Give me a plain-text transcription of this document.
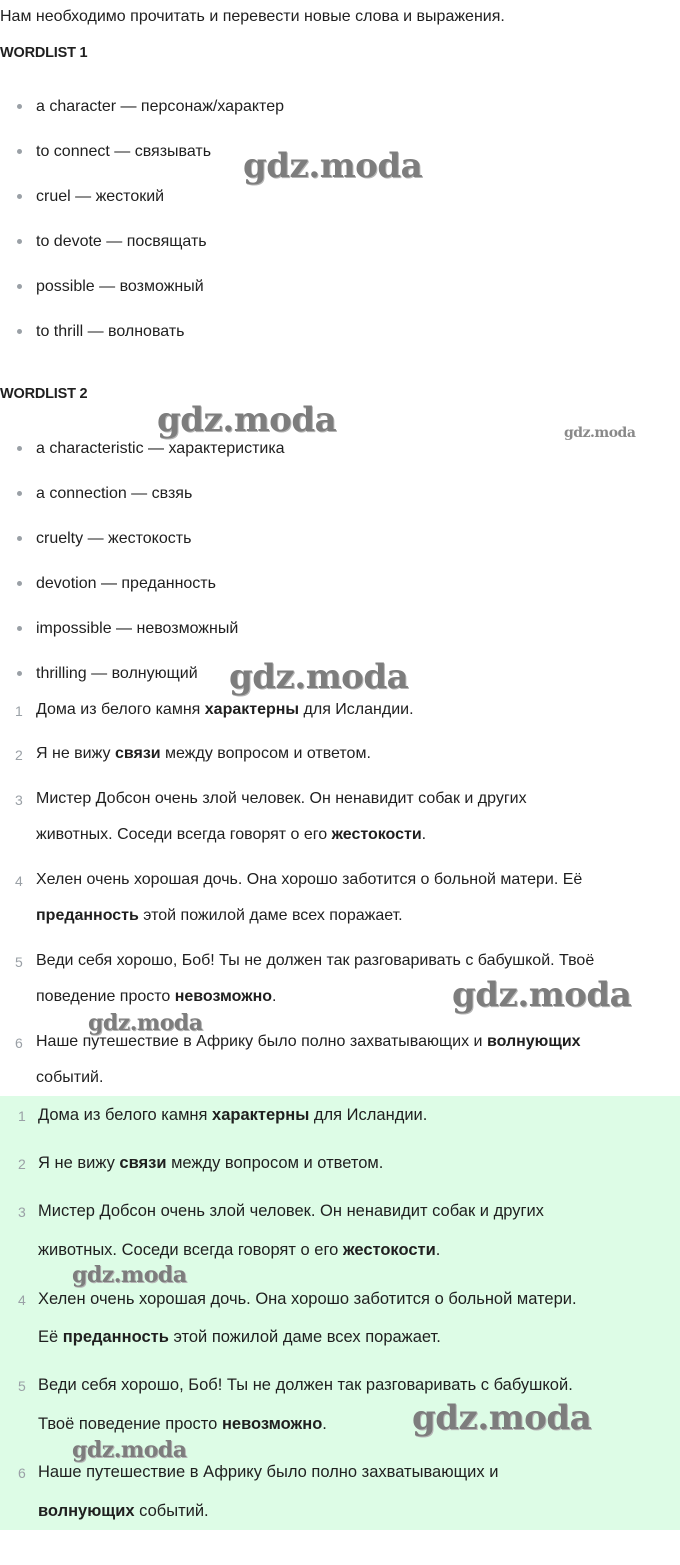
Нам необходимо прочитать и перевести новые слова и выражения.
WORDLIST 1
a character — персонаж/характер
to connect — связывать
cruel — жестокий
to devote — посвящать
possible — возможный
to thrill — волновать
WORDLIST 2
a characteristic — характеристика
a connection — свзяь
cruelty — жестокость
devotion — преданность
impossible — невозможный
thrilling — волнующий
1 Дома из белого камня характерны для Исландии.
2 Я не вижу связи между вопросом и ответом.
3 Мистер Добсон очень злой человек. Он ненавидит собак и других
животных. Соседи всегда говорят о его жестокости.
4 Хелен очень хорошая дочь. Она хорошо заботится о больной матери. Её
преданность этой пожилой даме всех поражает.
5 Веди себя хорошо, Боб! Ты не должен так разговаривать с бабушкой. Твоё
поведение просто невозможно.
6 Наше путешествие в Африку было полно захватывающих и волнующих
событий.
1 Дома из белого камня характерны для Исландии.
2 Я не вижу связи между вопросом и ответом.
3 Мистер Добсон очень злой человек. Он ненавидит собак и других
животных. Соседи всегда говорят о его жестокости.
4 Хелен очень хорошая дочь. Она хорошо заботится о больной матери.
Её преданность этой пожилой даме всех поражает.
5 Веди себя хорошо, Боб! Ты не должен так разговаривать с бабушкой.
Твоё поведение просто невозможно.
6 Наше путешествие в Африку было полно захватывающих и
волнующих событий.
gdz.moda
gdz.moda	gdz.moda
gdz.moda
gdz.moda
gdz.moda
gdz.moda
gdz.moda
gdz.moda
